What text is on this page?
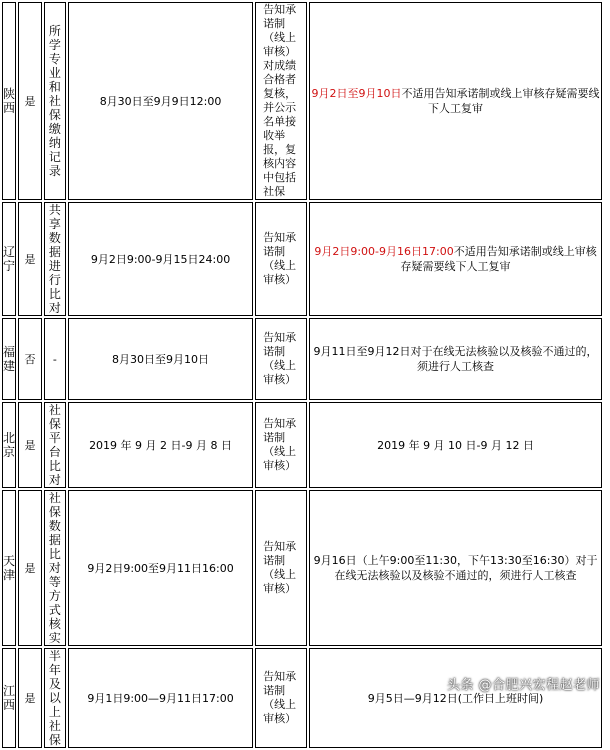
陕西	是	所学专业和社保缴纳记录	8月30日至9月9日12:00	告知承诺制（线上审核）对成绩合格者复核，并公示名单接收举报，复核内容中包括社保	9月2日至9月10日不适用告知承诺制或线上审核存疑需要线下人工复审

辽宁	是	共享数据进行比对	9月2日9:00-9月15日24:00	告知承诺制（线上审核）	9月2日9:00-9月16日17:00不适用告知承诺制或线上审核存疑需要线下人工复审

福建	否	-	8月30日至9月10日	告知承诺制（线上审核）	9月11日至9月12日对于在线无法核验以及核验不通过的，须进行人工核查

北京	是	社保平台比对	2019 年 9 月 2 日-9 月 8 日	告知承诺制（线上审核）	2019 年 9 月 10 日-9 月 12 日

天津	是	社保数据比对等方式核实	9月2日9:00至9月11日16:00	告知承诺制（线上审核）	9月16日（上午9:00至11:30，下午13:30至16:30）对于在线无法核验以及核验不通过的，须进行人工核查

江西	是	半年及以上社保	9月1日9:00—9月11日17:00	告知承诺制（线上审核）	9月5日—9月12日(工作日上班时间)
头条 @合肥兴宏程赵老师
